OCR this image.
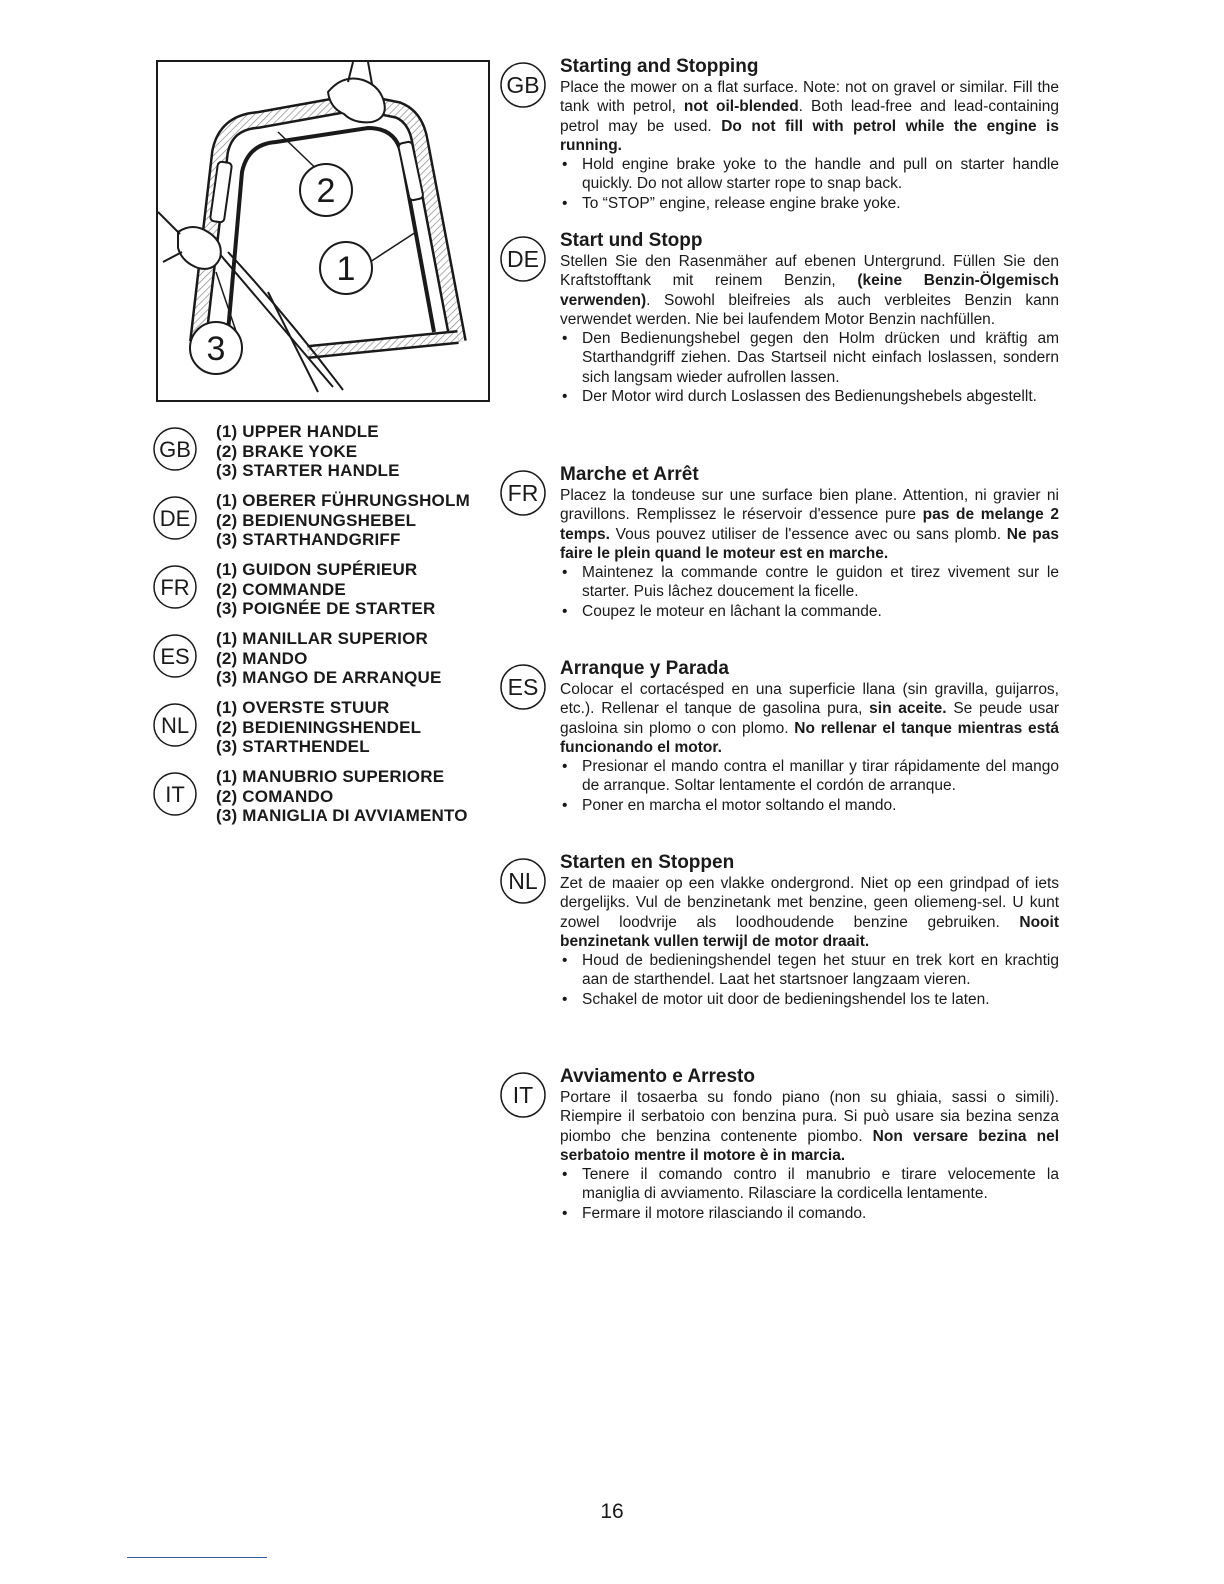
2
1
3
GB
(1) UPPER HANDLE
(2) BRAKE YOKE
(3) STARTER HANDLE
DE
(1) OBERER FÜHRUNGSHOLM
(2) BEDIENUNGSHEBEL
(3) STARTHANDGRIFF
FR
(1) GUIDON SUPÉRIEUR
(2) COMMANDE
(3) POIGNÉE DE STARTER
ES
(1) MANILLAR SUPERIOR
(2) MANDO
(3) MANGO DE ARRANQUE
NL
(1) OVERSTE STUUR
(2) BEDIENINGSHENDEL
(3) STARTHENDEL
IT
(1) MANUBRIO SUPERIORE
(2) COMANDO
(3) MANIGLIA DI AVVIAMENTO
GB
Starting and Stopping

Place the mower on a flat surface. Note: not on gravel or similar. Fill the tank with petrol, not oil-blended. Both lead-free and lead-containing petrol may be used. Do not fill with petrol while the engine is running.

• Hold engine brake yoke to the handle and pull on starter handle quickly. Do not allow starter rope to snap back.
• To “STOP” engine, release engine brake yoke.
DE
Start und Stopp

Stellen Sie den Rasenmäher auf ebenen Untergrund. Füllen Sie den Kraftstofftank mit reinem Benzin, (keine Benzin-Ölgemisch verwenden). Sowohl bleifreies als auch verbleites Benzin kann verwendet werden. Nie bei laufendem Motor Benzin nachfüllen.

• Den Bedienungshebel gegen den Holm drücken und kräftig am Starthandgriff ziehen. Das Startseil nicht einfach loslassen, sondern sich langsam wieder aufrollen lassen.
• Der Motor wird durch Loslassen des Bedienungshebels abgestellt.
FR
Marche et Arrêt

Placez la tondeuse sur une surface bien plane. Attention, ni gravier ni gravillons. Remplissez le réservoir d'essence pure pas de melange 2 temps. Vous pouvez utiliser de l'essence avec ou sans plomb. Ne pas faire le plein quand le moteur est en marche.

• Maintenez la commande contre le guidon et tirez vivement sur le starter. Puis lâchez doucement la ficelle.
• Coupez le moteur en lâchant la commande.
ES
Arranque y Parada

Colocar el cortacésped en una superficie llana (sin gravilla, guijarros, etc.). Rellenar el tanque de gasolina pura, sin aceite. Se peude usar gasloina sin plomo o con plomo. No rellenar el tanque mientras está funcionando el motor.

• Presionar el mando contra el manillar y tirar rápidamente del mango de arranque. Soltar lentamente el cordón de arranque.
• Poner en marcha el motor soltando el mando.
NL
Starten en Stoppen

Zet de maaier op een vlakke ondergrond. Niet op een grindpad of iets dergelijks. Vul de benzinetank met benzine, geen oliemeng-sel. U kunt zowel loodvrije als loodhoudende benzine gebruiken. Nooit benzinetank vullen terwijl de motor draait.

• Houd de bedieningshendel tegen het stuur en trek kort en krachtig aan de starthendel. Laat het startsnoer langzaam vieren.
• Schakel de motor uit door de bedieningshendel los te laten.
IT
Avviamento e Arresto

Portare il tosaerba su fondo piano (non su ghiaia, sassi o simili). Riempire il serbatoio con benzina pura. Si può usare sia bezina senza piombo che benzina contenente piombo. Non versare bezina nel serbatoio mentre il motore è in marcia.

• Tenere il comando contro il manubrio e tirare velocemente la maniglia di avviamento. Rilasciare la cordicella lentamente.
• Fermare il motore rilasciando il comando.
16
